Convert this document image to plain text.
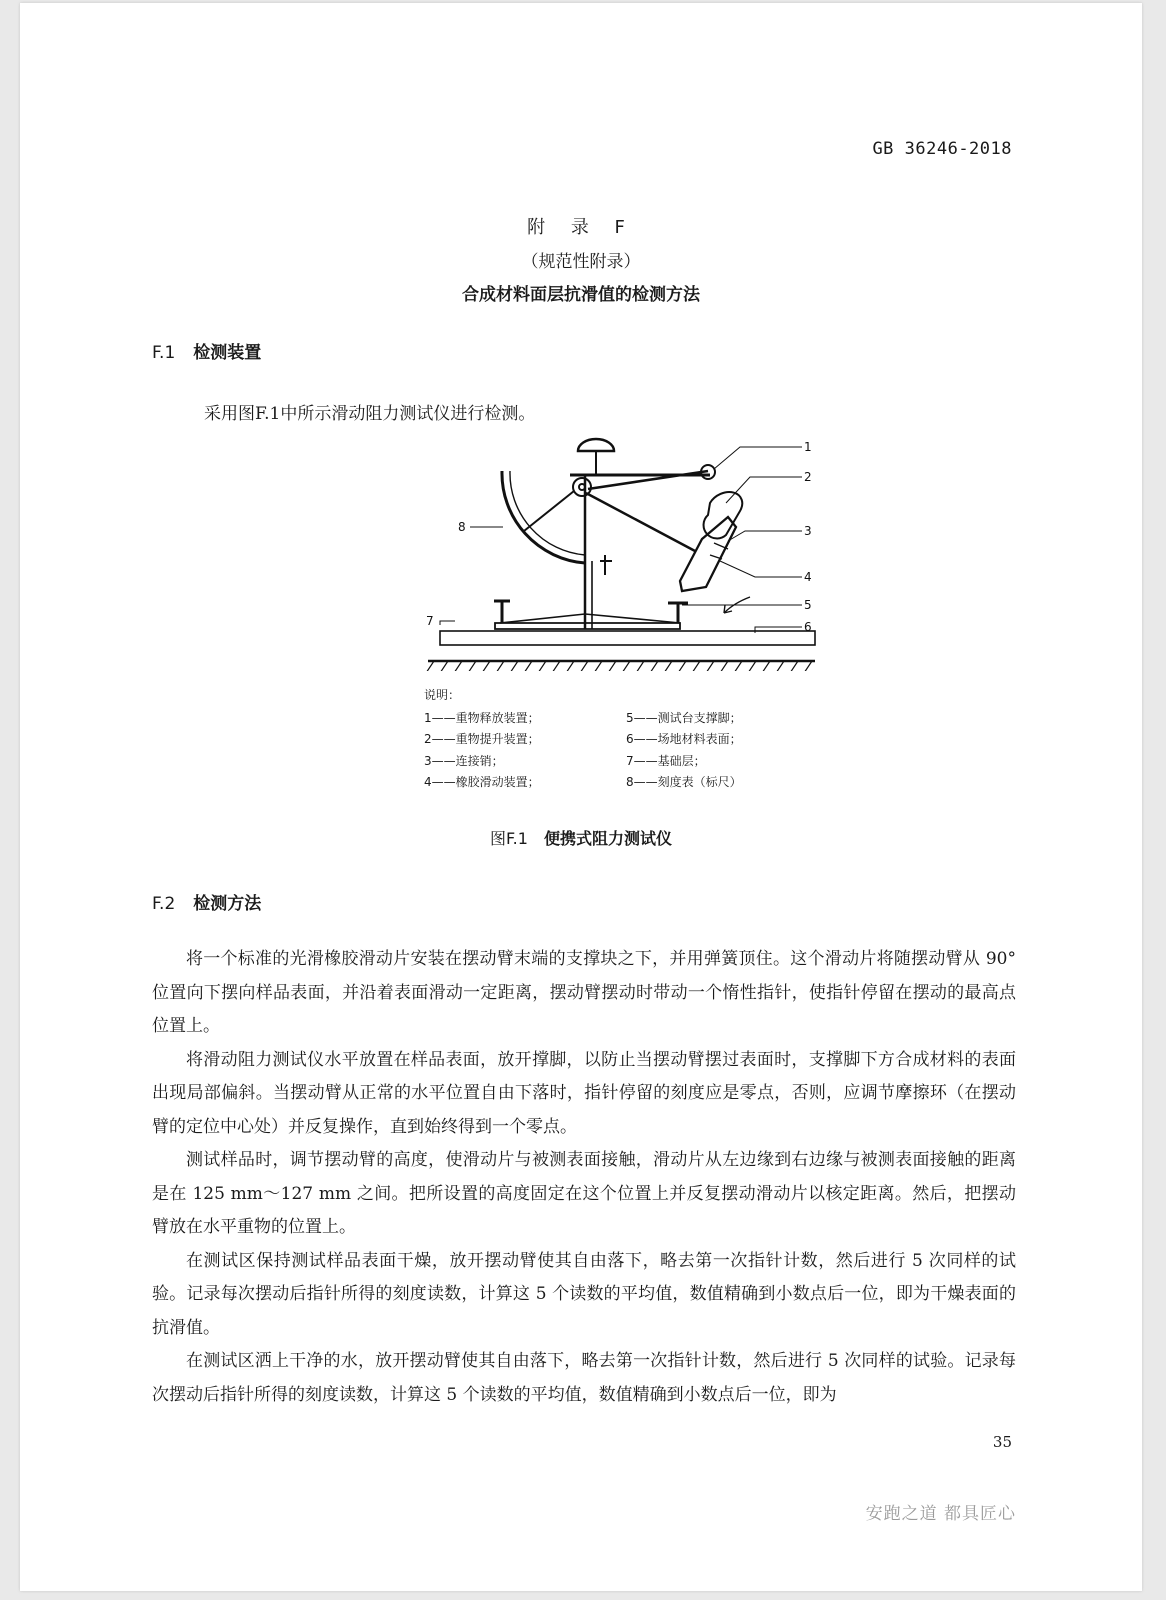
GB 36246-2018
附 录 F
（规范性附录）
合成材料面层抗滑值的检测方法
F.1 检测装置
采用图F.1中所示滑动阻力测试仪进行检测。
1
2
3
4
5
6
7
8
说明：
1——重物释放装置；
2——重物提升装置；
3——连接销；
4——橡胶滑动装置；
5——测试台支撑脚；
6——场地材料表面；
7——基础层；
8——刻度表（标尺）
图F.1 便携式阻力测试仪
F.2 检测方法

将一个标准的光滑橡胶滑动片安装在摆动臂末端的支撑块之下，并用弹簧顶住。这个滑动片将随摆动臂从 90° 位置向下摆向样品表面，并沿着表面滑动一定距离，摆动臂摆动时带动一个惰性指针，使指针停留在摆动的最高点位置上。

将滑动阻力测试仪水平放置在样品表面，放开撑脚，以防止当摆动臂摆过表面时，支撑脚下方合成材料的表面出现局部偏斜。当摆动臂从正常的水平位置自由下落时，指针停留的刻度应是零点，否则，应调节摩擦环（在摆动臂的定位中心处）并反复操作，直到始终得到一个零点。

测试样品时，调节摆动臂的高度，使滑动片与被测表面接触，滑动片从左边缘到右边缘与被测表面接触的距离是在 125 mm～127 mm 之间。把所设置的高度固定在这个位置上并反复摆动滑动片以核定距离。然后，把摆动臂放在水平重物的位置上。

在测试区保持测试样品表面干燥，放开摆动臂使其自由落下，略去第一次指针计数，然后进行 5 次同样的试验。记录每次摆动后指针所得的刻度读数，计算这 5 个读数的平均值，数值精确到小数点后一位，即为干燥表面的抗滑值。

在测试区洒上干净的水，放开摆动臂使其自由落下，略去第一次指针计数，然后进行 5 次同样的试验。记录每次摆动后指针所得的刻度读数，计算这 5 个读数的平均值，数值精确到小数点后一位，即为

35
安跑之道 都具匠心
